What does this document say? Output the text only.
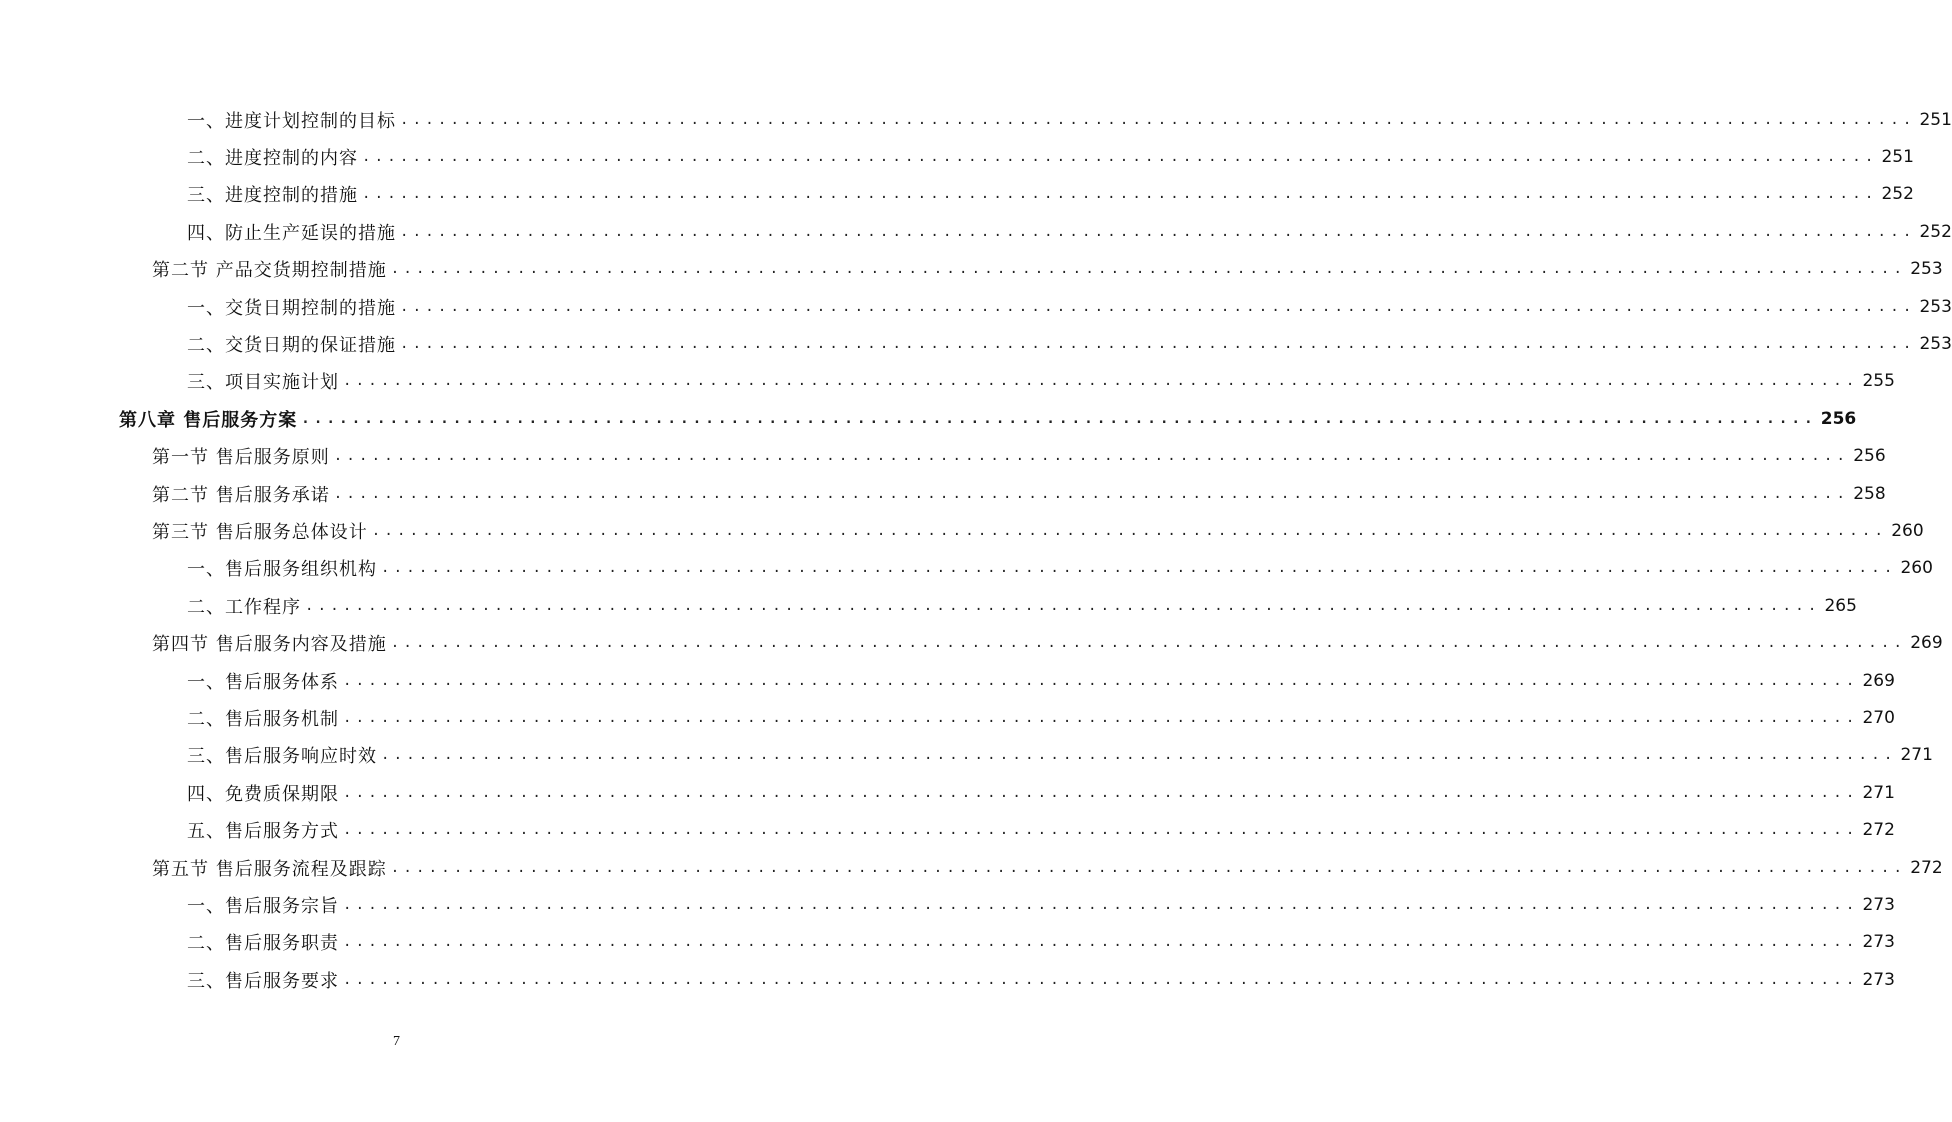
一、进度计划控制的目标 ........................................................................................................................ 251
二、进度控制的内容 ........................................................................................................................ 251
三、进度控制的措施 ........................................................................................................................ 252
四、防止生产延误的措施 ........................................................................................................................ 252
第二节 产品交货期控制措施 ........................................................................................................................ 253
一、交货日期控制的措施 ........................................................................................................................ 253
二、交货日期的保证措施 ........................................................................................................................ 253
三、项目实施计划 ........................................................................................................................ 255
第八章 售后服务方案 ........................................................................................................................ 256
第一节 售后服务原则 ........................................................................................................................ 256
第二节 售后服务承诺 ........................................................................................................................ 258
第三节 售后服务总体设计 ........................................................................................................................ 260
一、售后服务组织机构 ........................................................................................................................ 260
二、工作程序 ........................................................................................................................ 265
第四节 售后服务内容及措施 ........................................................................................................................ 269
一、售后服务体系 ........................................................................................................................ 269
二、售后服务机制 ........................................................................................................................ 270
三、售后服务响应时效 ........................................................................................................................ 271
四、免费质保期限 ........................................................................................................................ 271
五、售后服务方式 ........................................................................................................................ 272
第五节 售后服务流程及跟踪 ........................................................................................................................ 272
一、售后服务宗旨 ........................................................................................................................ 273
二、售后服务职责 ........................................................................................................................ 273
三、售后服务要求 ........................................................................................................................ 273
7
